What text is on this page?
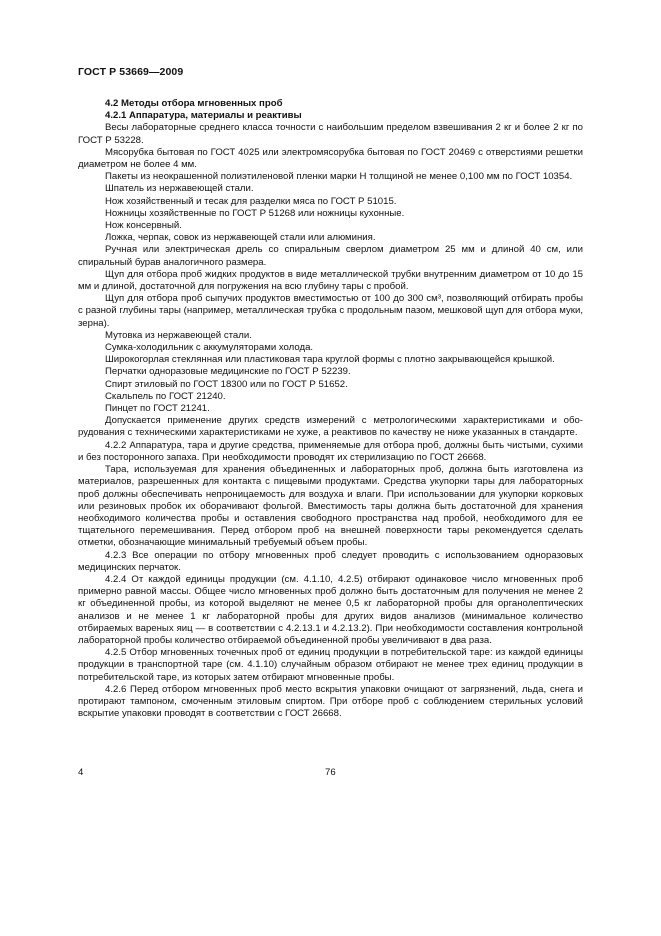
ГОСТ Р 53669—2009

4.2 Методы отбора мгновенных проб

4.2.1 Аппаратура, материалы и реактивы

Весы лабораторные среднего класса точности с наибольшим пределом взвешивания 2 кг и более 2 кг по ГОСТ Р 53228.

Мясорубка бытовая по ГОСТ 4025 или электромясорубка бытовая по ГОСТ 20469 с отверстиями решетки диаметром не более 4 мм.

Пакеты из неокрашенной полиэтиленовой пленки марки Н толщиной не менее 0,100 мм по ГОСТ 10354.

Шпатель из нержавеющей стали.

Нож хозяйственный и тесак для разделки мяса по ГОСТ Р 51015.

Ножницы хозяйственные по ГОСТ Р 51268 или ножницы кухонные.

Нож консервный.

Ложка, черпак, совок из нержавеющей стали или алюминия.

Ручная или электрическая дрель со спиральным сверлом диаметром 25 мм и длиной 40 см, или спиральный бурав аналогичного размера.

Щуп для отбора проб жидких продуктов в виде металлической трубки внутренним диаметром от 10 до 15 мм и длиной, достаточной для погружения на всю глубину тары с пробой.

Щуп для отбора проб сыпучих продуктов вместимостью от 100 до 300 см³, позволяющий отбирать пробы с разной глубины тары (например, металлическая трубка с продольным пазом, мешковой щуп для отбора муки, зерна).

Мутовка из нержавеющей стали.

Сумка-холодильник с аккумуляторами холода.

Широкогорлая стеклянная или пластиковая тара круглой формы с плотно закрывающейся крышкой.

Перчатки одноразовые медицинские по ГОСТ Р 52239.

Спирт этиловый по ГОСТ 18300 или по ГОСТ Р 51652.

Скальпель по ГОСТ 21240.

Пинцет по ГОСТ 21241.

Допускается применение других средств измерений с метрологическими характеристиками и оборудования с техническими характеристиками не хуже, а реактивов по качеству не ниже указанных в стандарте.

4.2.2 Аппаратура, тара и другие средства, применяемые для отбора проб, должны быть чистыми, сухими и без посторонного запаха. При необходимости проводят их стерилизацию по ГОСТ 26668.

Тара, используемая для хранения объединенных и лабораторных проб, должна быть изготовлена из материалов, разрешенных для контакта с пищевыми продуктами. Средства укупорки тары для лабораторных проб должны обеспечивать непроницаемость для воздуха и влаги. При использовании для укупорки корковых или резиновых пробок их оборачивают фольгой. Вместимость тары должна быть достаточной для хранения необходимого количества пробы и оставления свободного пространства над пробой, необходимого для ее тщательного перемешивания. Перед отбором проб на внешней поверхности тары рекомендуется сделать отметки, обозначающие минимальный требуемый объем пробы.

4.2.3 Все операции по отбору мгновенных проб следует проводить с использованием одноразовых медицинских перчаток.

4.2.4 От каждой единицы продукции (см. 4.1.10, 4.2.5) отбирают одинаковое число мгновенных проб примерно равной массы. Общее число мгновенных проб должно быть достаточным для получения не менее 2 кг объединенной пробы, из которой выделяют не менее 0,5 кг лабораторной пробы для органолептических анализов и не менее 1 кг лабораторной пробы для других видов анализов (минимальное количество отбираемых вареных яиц — в соответствии с 4.2.13.1 и 4.2.13.2). При необходимости составления контрольной лабораторной пробы количество отбираемой объединенной пробы увеличивают в два раза.

4.2.5 Отбор мгновенных точечных проб от единиц продукции в потребительской таре: из каждой единицы продукции в транспортной таре (см. 4.1.10) случайным образом отбирают не менее трех единиц продукции в потребительской таре, из которых затем отбирают мгновенные пробы.

4.2.6 Перед отбором мгновенных проб место вскрытия упаковки очищают от загрязнений, льда, снега и протирают тампоном, смоченным этиловым спиртом. При отборе проб с соблюдением стерильных условий вскрытие упаковки проводят в соответствии с ГОСТ 26668.

4	76
